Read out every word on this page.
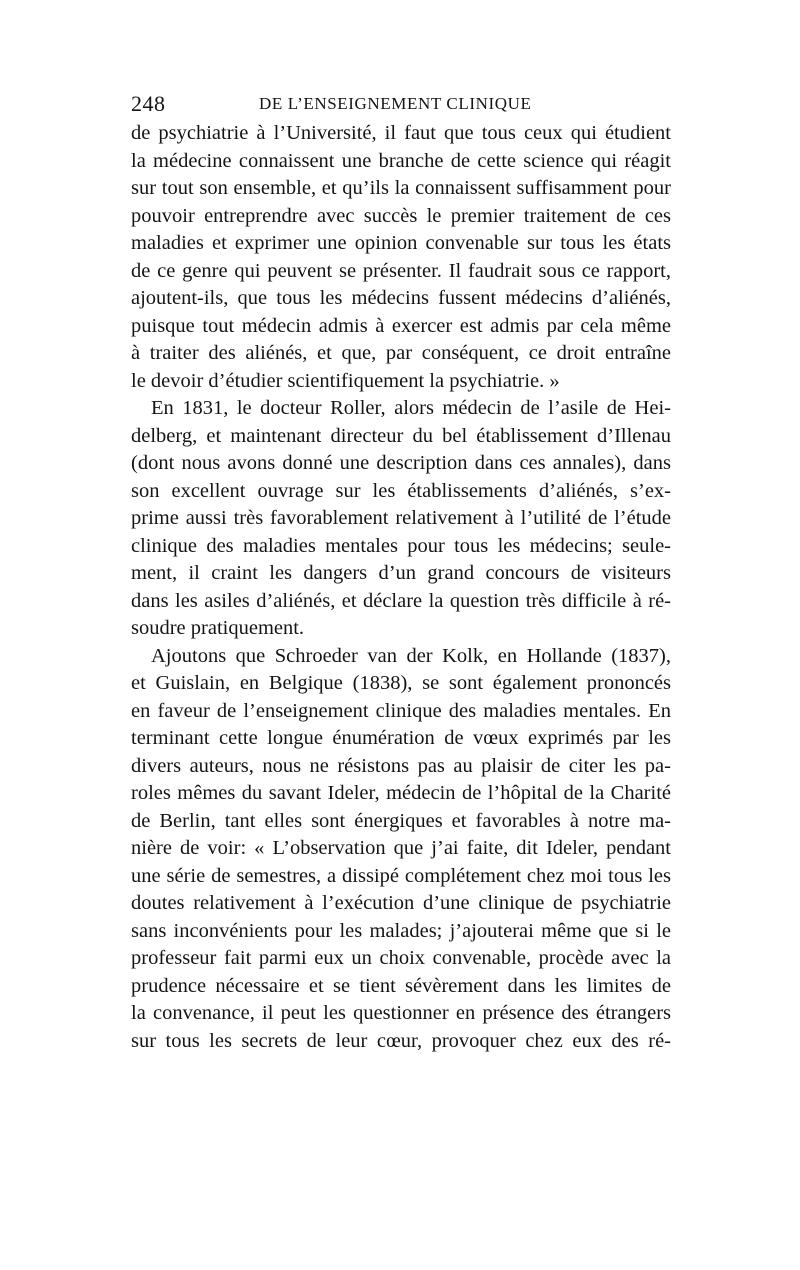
248	DE L’ENSEIGNEMENT CLINIQUE
de psychiatrie à l’Université, il faut que tous ceux qui étudient
la médecine connaissent une branche de cette science qui réagit
sur tout son ensemble, et qu’ils la connaissent suffisamment pour
pouvoir entreprendre avec succès le premier traitement de ces
maladies et exprimer une opinion convenable sur tous les états
de ce genre qui peuvent se présenter. Il faudrait sous ce rapport,
ajoutent-ils, que tous les médecins fussent médecins d’aliénés,
puisque tout médecin admis à exercer est admis par cela même
à traiter des aliénés, et que, par conséquent, ce droit entraîne
le devoir d’étudier scientifiquement la psychiatrie. »
En 1831, le docteur Roller, alors médecin de l’asile de Hei-
delberg, et maintenant directeur du bel établissement d’Illenau
(dont nous avons donné une description dans ces annales), dans
son excellent ouvrage sur les établissements d’aliénés, s’ex-
prime aussi très favorablement relativement à l’utilité de l’étude
clinique des maladies mentales pour tous les médecins; seule-
ment, il craint les dangers d’un grand concours de visiteurs
dans les asiles d’aliénés, et déclare la question très difficile à ré-
soudre pratiquement.
Ajoutons que Schroeder van der Kolk, en Hollande (1837),
et Guislain, en Belgique (1838), se sont également prononcés
en faveur de l’enseignement clinique des maladies mentales. En
terminant cette longue énumération de vœux exprimés par les
divers auteurs, nous ne résistons pas au plaisir de citer les pa-
roles mêmes du savant Ideler, médecin de l’hôpital de la Charité
de Berlin, tant elles sont énergiques et favorables à notre ma-
nière de voir: « L’observation que j’ai faite, dit Ideler, pendant
une série de semestres, a dissipé complétement chez moi tous les
doutes relativement à l’exécution d’une clinique de psychiatrie
sans inconvénients pour les malades; j’ajouterai même que si le
professeur fait parmi eux un choix convenable, procède avec la
prudence nécessaire et se tient sévèrement dans les limites de
la convenance, il peut les questionner en présence des étrangers
sur tous les secrets de leur cœur, provoquer chez eux des ré-
